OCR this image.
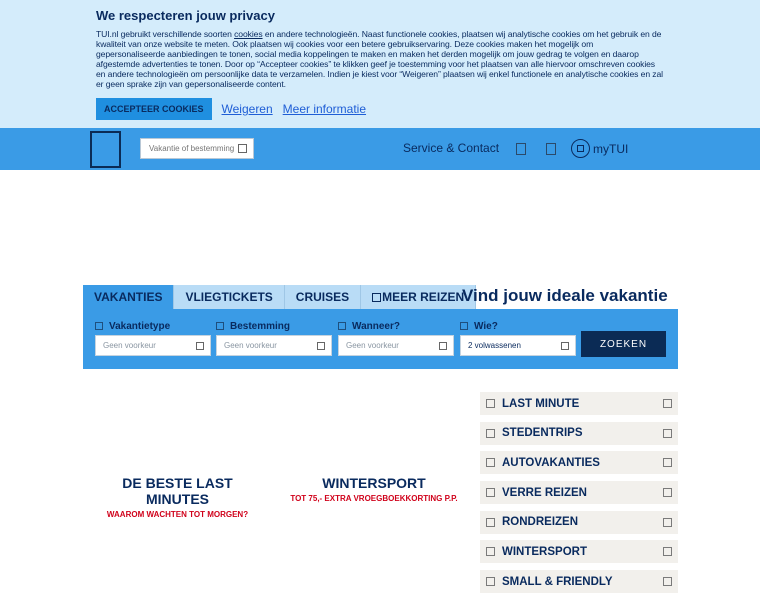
We respecteren jouw privacy

TUI.nl gebruikt verschillende soorten cookies en andere technologieën. Naast functionele cookies, plaatsen wij analytische cookies om het gebruik en de kwaliteit van onze website te meten. Ook plaatsen wij cookies voor een betere gebruikservaring. Deze cookies maken het mogelijk om gepersonaliseerde aanbiedingen te tonen, social media koppelingen te maken en maken het derden mogelijk om jouw gedrag te volgen en daarop afgestemde advertenties te tonen. Door op “Accepteer cookies” te klikken geef je toestemming voor het plaatsen van alle hiervoor omschreven cookies en andere technologieën om persoonlijke data te verzamelen. Indien je kiest voor “Weigeren” plaatsen wij enkel functionele en analytische cookies en zal er geen sprake zijn van gepersonaliseerde content.

ACCEPTEER COOKIES	Weigeren Meer informatie
Vakantie of bestemming
Service & Contact	myTUI
VAKANTIES VLIEGTICKETS CRUISES	MEER REIZEN
Vind jouw ideale vakantie
Vakantietype
Geen voorkeur
Bestemming
Geen voorkeur
Wanneer?
Geen voorkeur
Wie?
2 volwassenen	ZOEKEN
DE BESTE LAST MINUTES
WAAROM WACHTEN TOT MORGEN?
WINTERSPORT
TOT 75,- EXTRA VROEGBOEKKORTING P.P.
LAST MINUTE
STEDENTRIPS
AUTOVAKANTIES
VERRE REIZEN
RONDREIZEN
WINTERSPORT
SMALL & FRIENDLY
